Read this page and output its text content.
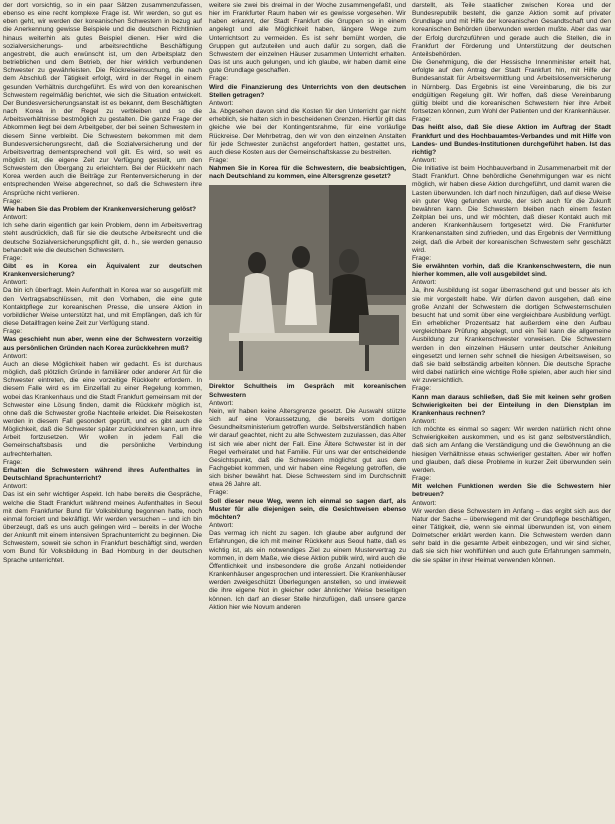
der dort vorsichtig, so in ein paar Sätzen zusammenzufassen, ebenso es eine recht komplexe Frage ist. Wir werden, so gut es eben geht, wir werden der koreanischen Schwestern in bezug auf die Anerkennung gewisse Beispiele und die deutschen Richtlinien hinaus weiterhin als gutes Beispiel dienen. Hier wird die sozialversicherungs- und arbeitsrechtliche Beschäftigung angestrebt, die auch erwünscht ist, um den Arbeitsplatz den betrieblichen und dem Betrieb, der hier wirklich verbundenen Schwester zu gewährleisten. Die Rückreiseinsuchung, die nach dem Abschluß der Tätigkeit erfolgt, wird in der Regel in einem gesunden Verhältnis durchgeführt. Es wird von den koreanischen Schwestern regelmäßig berichtet, wie sich die Situation entwickelt. Der Bundesversicherungsanstalt ist es bekannt, dem Beschäftigten nach Korea in der Regel zu verbleiben und so die Arbeitsverhältnisse bestmöglich zu gestalten. Die ganze Frage der Abkommen liegt bei dem Arbeitgeber, der bei seinen Schwestern in diesem Sinne verbleibt. Die Schwestern bekommen mit dem Bundesversicherungsrecht, daß die Sozialversicherung und der Arbeitsvertrag dementsprechend voll gilt. Es wird, so weit es möglich ist, die eigene Zeit zur Verfügung gestellt, um den Schwestern den Übergang zu erleichtern. Bei der Rückkehr nach Korea werden auch die Beiträge zur Rentenversicherung in der entsprechenden Weise abgerechnet, so daß die Schwestern ihre Ansprüche nicht verlieren.

Frage:

Wie haben Sie das Problem der Krankenversicherung gelöst?

Antwort:

Ich sehe darin eigentlich gar kein Problem, denn im Arbeitsvertrag steht ausdrücklich, daß für sie die deutsche Arbeitsrecht und die deutsche Sozialversicherungspflicht gilt, d. h., sie werden genauso behandelt wie die deutschen Schwestern.

Frage:

Gibt es in Korea ein Äquivalent zur deutschen Krankenversicherung?

Antwort:

Da bin ich überfragt. Mein Aufenthalt in Korea war so ausgefüllt mit den Vertragsabschlüssen, mit den Vorhaben, die eine gute Kontaktpflege zur koreanischen Presse, die unsere Aktion in vorbildlicher Weise unterstützt hat, und mit Empfängen, daß ich für diese Detailfragen keine Zeit zur Verfügung stand.

Frage:

Was geschieht nun aber, wenn eine der Schwestern vorzeitig aus persönlichen Gründen nach Korea zurückkehren muß?

Antwort:

Auch an diese Möglichkeit haben wir gedacht. Es ist durchaus möglich, daß plötzlich Gründe in familiärer oder anderer Art für die Schwester eintreten, die eine vorzeitige Rückkehr erfordern. In diesem Falle wird es im Einzelfall zu einer Regelung kommen, wobei das Krankenhaus und die Stadt Frankfurt gemeinsam mit der Schwester eine Lösung finden, damit die Rückkehr möglich ist, ohne daß die Schwester große Nachteile erleidet. Die Reisekosten werden in diesem Fall gesondert geprüft, und es gibt auch die Möglichkeit, daß die Schwester später zurückkehren kann, um ihre Arbeit fortzusetzen. Wir wollen in jedem Fall die Gemeinschaftsbasis und die persönliche Verbindung aufrechterhalten.

Frage:

Erhalten die Schwestern während ihres Aufenthaltes in Deutschland Sprachunterricht?

Antwort:

Das ist ein sehr wichtiger Aspekt. Ich habe bereits die Gespräche, welche die Stadt Frankfurt während meines Aufenthaltes in Seoul mit dem Frankfurter Bund für Volksbildung begonnen hatte, noch einmal forciert und bekräftigt. Wir werden versuchen – und ich bin überzeugt, daß es uns auch gelingen wird – bereits in der Woche der Ankunft mit einem intensiven Sprachunterricht zu beginnen. Die Schwestern, soweit sie schon in Frankfurt beschäftigt sind, werden vom Bund für Volksbildung in Bad Homburg in der deutschen Sprache unterrichtet.

weitere sie zwei bis dreimal in der Woche zusammengefaßt, und hier im Frankfurter Raum haben wir es gewisse vorgesehen. Wir haben erkannt, der Stadt Frankfurt die Gruppen so in einem angelegt und alle Möglichkeit haben, längere Wege zum Unterrichtsort zu vermeiden. Es ist sehr bemüht worden, die Gruppen gut aufzuteilen und auch dafür zu sorgen, daß die Schwestern der einzelnen Häuser zusammen Unterricht erhalten. Das ist uns auch gelungen, und ich glaube, wir haben damit eine gute Grundlage geschaffen.

Frage:

Wird die Finanzierung des Unterrichts von den deutschen Stellen getragen?

Antwort:

Ja. Abgesehen davon sind die Kosten für den Unterricht gar nicht erheblich, sie halten sich in bescheidenen Grenzen. Hierfür gilt das gleiche wie bei der Kontingentsrahme, für eine vorläufige Rückreise. Der Mehrbetrag, den wir von den einzelnen Anstalten für jede Schwester zunächst angefordert hatten, gestattet uns, auch diese Kosten aus der Gemeinschaftskasse zu bestreiten.

Frage:

Nahmen Sie in Korea für die Schwestern, die beabsichtigen, nach Deutschland zu kommen, eine Altersgrenze gesetzt?

Direktor Schultheis im Gespräch mit koreanischen Schwestern

Antwort:

Nein, wir haben keine Altersgrenze gesetzt. Die Auswahl stützte sich auf eine Voraussetzung, die bereits vom dortigen Gesundheitsministerium getroffen wurde. Selbstverständlich haben wir darauf geachtet, nicht zu alte Schwestern zuzulassen, das Alter ist sich wie aber nicht der Fall. Eine Ältere Schwester ist in der Regel verheiratet und hat Familie. Für uns war der entscheidende Gesichtspunkt, daß die Schwestern möglichst gut aus dem Fachgebiet kommen, und wir haben eine Regelung getroffen, die sich bisher bewährt hat. Diese Schwestern sind im Durchschnitt etwa 26 Jahre alt.

Frage:

Soll dieser neue Weg, wenn ich einmal so sagen darf, als Muster für alle diejenigen sein, die Gesichtweisen ebenso möchten?

Antwort:

Das vermag ich nicht zu sagen. Ich glaube aber aufgrund der Erfahrungen, die ich mit meiner Rückkehr aus Seoul hatte, daß es wichtig ist, als ein notwendiges Ziel zu einem Mustervertrag zu kommen, in dem Maße, wie diese Aktion publik wird, wird auch die Öffentlichkeit und insbesondere die große Anzahl notleidender Krankenhäuser angesprochen und interessiert. Die Krankenhäuser werden zweigeschützt Überlegungen anstellen, so und inwieweit die ihre eigene Not in gleicher oder ähnlicher Weise beseitigen können. Ich darf an dieser Stelle hinzufügen, daß unsere ganze Aktion hier wie Novum anderen

darstellt, als Teile staatlicher zwischen Korea und der Bundesrepublik besteht, die ganze Aktion somit auf privater Grundlage und mit Hilfe der koreanischen Gesandtschaft und den koreanischen Behörden überwunden werden mußte. Aber das war der Erfolg durchzuführen und gerade auch die Stellen, die in Frankfurt der Förderung und Unterstützung der deutschen Anteilsbehörden.

Die Genehmigung, die der Hessische Innenminister erteilt hat, erfolgte auf den Antrag der Stadt Frankfurt hin, mit Hilfe der Bundesanstalt für Arbeitsvermittlung und Arbeitslosenversicherung in Nürnberg. Das Ergebnis ist eine Vereinbarung, die bis zur endgültigen Regelung gilt. Wir hoffen, daß diese Vereinbarung gültig bleibt und die koreanischen Schwestern hier ihre Arbeit fortsetzen können, zum Wohl der Patienten und der Krankenhäuser.

Frage:

Das heißt also, daß Sie diese Aktion im Auftrag der Stadt Frankfurt und des Hochbauamtes-Verbandes und mit Hilfe von Landes- und Bundes-Institutionen durchgeführt haben. Ist das richtig?

Antwort:

Die Initiative ist beim Hochbauverband in Zusammenarbeit mit der Stadt Frankfurt. Ohne behördliche Genehmigungen war es nicht möglich, wir haben diese Aktion durchgeführt, und damit waren die Lasten überwunden. Ich darf noch hinzufügen, daß auf diese Weise ein guter Weg gefunden wurde, der sich auch für die Zukunft bewähren kann. Die Schwestern bleiben nach einem festen Zeitplan bei uns, und wir möchten, daß dieser Kontakt auch mit anderen Krankenhäusern fortgesetzt wird. Die Frankfurter Krankenanstalten sind zufrieden, und das Ergebnis der Vermittlung zeigt, daß die Arbeit der koreanischen Schwestern sehr geschätzt wird.

Frage:

Sie erwähnten vorhin, daß die Krankenschwestern, die nun hierher kommen, alle voll ausgebildet sind.

Antwort:

Ja, ihre Ausbildung ist sogar überraschend gut und besser als ich sie mir vorgestellt habe. Wir dürfen davon ausgehen, daß eine große Anzahl der Schwestern die dortigen Schwesternschulen besucht hat und somit über eine vergleichbare Ausbildung verfügt. Ein erheblicher Prozentsatz hat außerdem eine den Aufbau vergleichbare Prüfung abgelegt, und ein Teil kann die allgemeine Ausbildung zur Krankenschwester vorweisen. Die Schwestern werden in den einzelnen Häusern unter deutscher Anleitung eingesetzt und lernen sehr schnell die hiesigen Arbeitsweisen, so daß sie bald selbständig arbeiten können. Die deutsche Sprache wird dabei natürlich eine wichtige Rolle spielen, aber auch hier sind wir zuversichtlich.

Frage:

Kann man daraus schließen, daß Sie mit keinen sehr großen Schwierigkeiten bei der Einteilung in den Dienstplan im Krankenhaus rechnen?

Antwort:

Ich möchte es einmal so sagen: Wir werden natürlich nicht ohne Schwierigkeiten auskommen, und es ist ganz selbstverständlich, daß sich am Anfang die Verständigung und die Gewöhnung an die hiesigen Verhältnisse etwas schwieriger gestalten. Aber wir hoffen und glauben, daß diese Probleme in kurzer Zeit überwunden sein werden.

Frage:

Mit welchen Funktionen werden Sie die Schwestern hier betreuen?

Antwort:

Wir werden diese Schwestern im Anfang – das ergibt sich aus der Natur der Sache – überwiegend mit der Grundpflege beschäftigen, einer Tätigkeit, die, wenn sie einmal überwunden ist, von einem Dolmetscher erklärt werden kann. Die Schwestern werden dann sehr bald in die gesamte Arbeit einbezogen, und wir sind sicher, daß sie sich hier wohlfühlen und auch gute Erfahrungen sammeln, die sie später in ihrer Heimat verwenden können.
